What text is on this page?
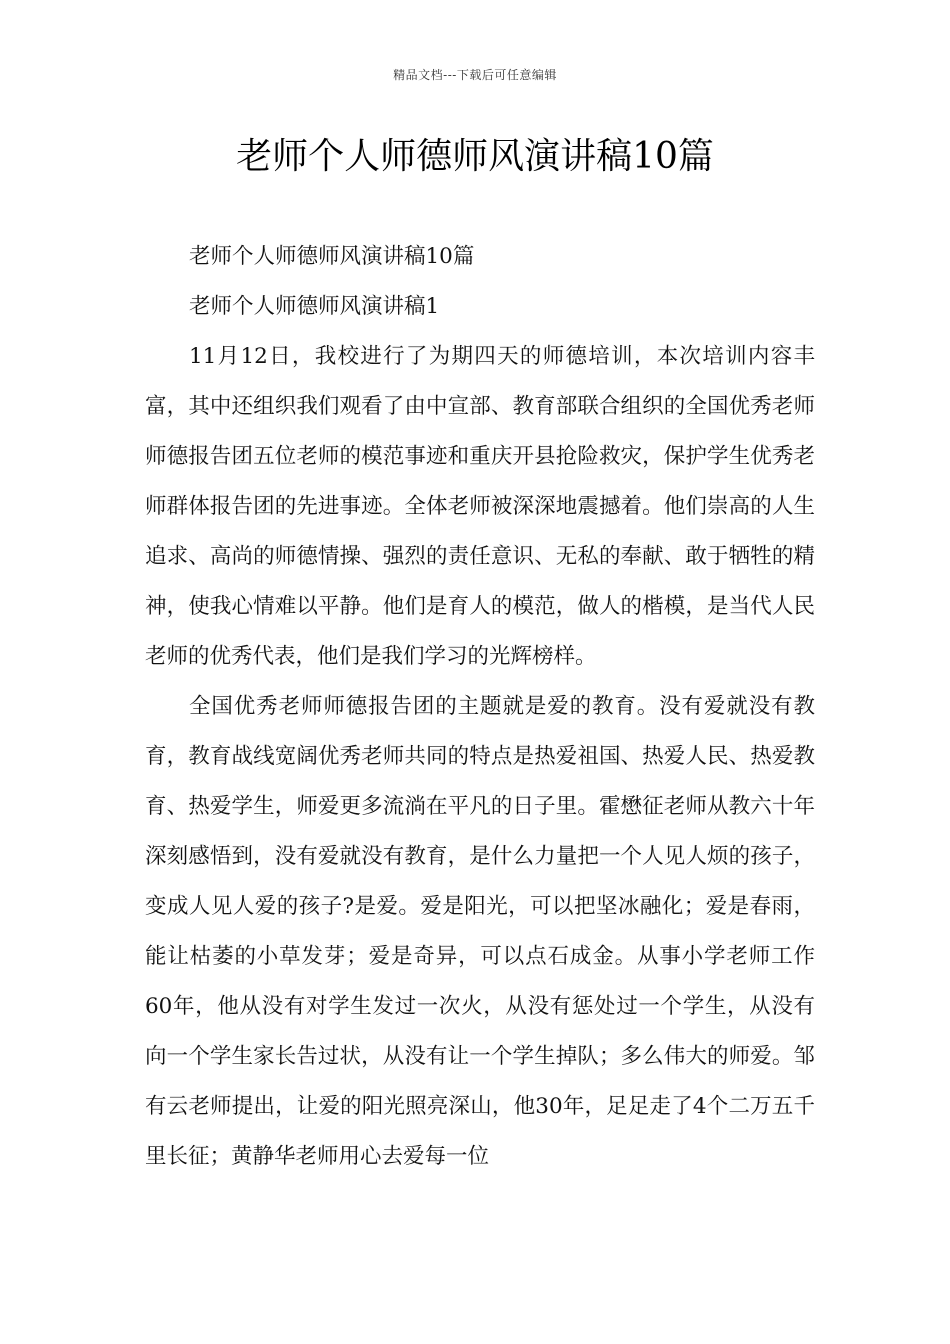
精品文档---下载后可任意编辑
老师个人师德师风演讲稿10篇

老师个人师德师风演讲稿10篇

老师个人师德师风演讲稿1

11月12日，我校进行了为期四天的师德培训，本次培训内容丰富，其中还组织我们观看了由中宣部、教育部联合组织的全国优秀老师师德报告团五位老师的模范事迹和重庆开县抢险救灾，保护学生优秀老师群体报告团的先进事迹。全体老师被深深地震撼着。他们崇高的人生追求、高尚的师德情操、强烈的责任意识、无私的奉献、敢于牺牲的精神，使我心情难以平静。他们是育人的模范，做人的楷模，是当代人民老师的优秀代表，他们是我们学习的光辉榜样。

全国优秀老师师德报告团的主题就是爱的教育。没有爱就没有教育，教育战线宽阔优秀老师共同的特点是热爱祖国、热爱人民、热爱教育、热爱学生，师爱更多流淌在平凡的日子里。霍懋征老师从教六十年深刻感悟到，没有爱就没有教育，是什么力量把一个人见人烦的孩子，变成人见人爱的孩子?是爱。爱是阳光，可以把坚冰融化；爱是春雨，能让枯萎的小草发芽；爱是奇异，可以点石成金。从事小学老师工作60年，他从没有对学生发过一次火，从没有惩处过一个学生，从没有向一个学生家长告过状，从没有让一个学生掉队；多么伟大的师爱。邹有云老师提出，让爱的阳光照亮深山，他30年，足足走了4个二万五千里长征；黄静华老师用心去爱每一位
